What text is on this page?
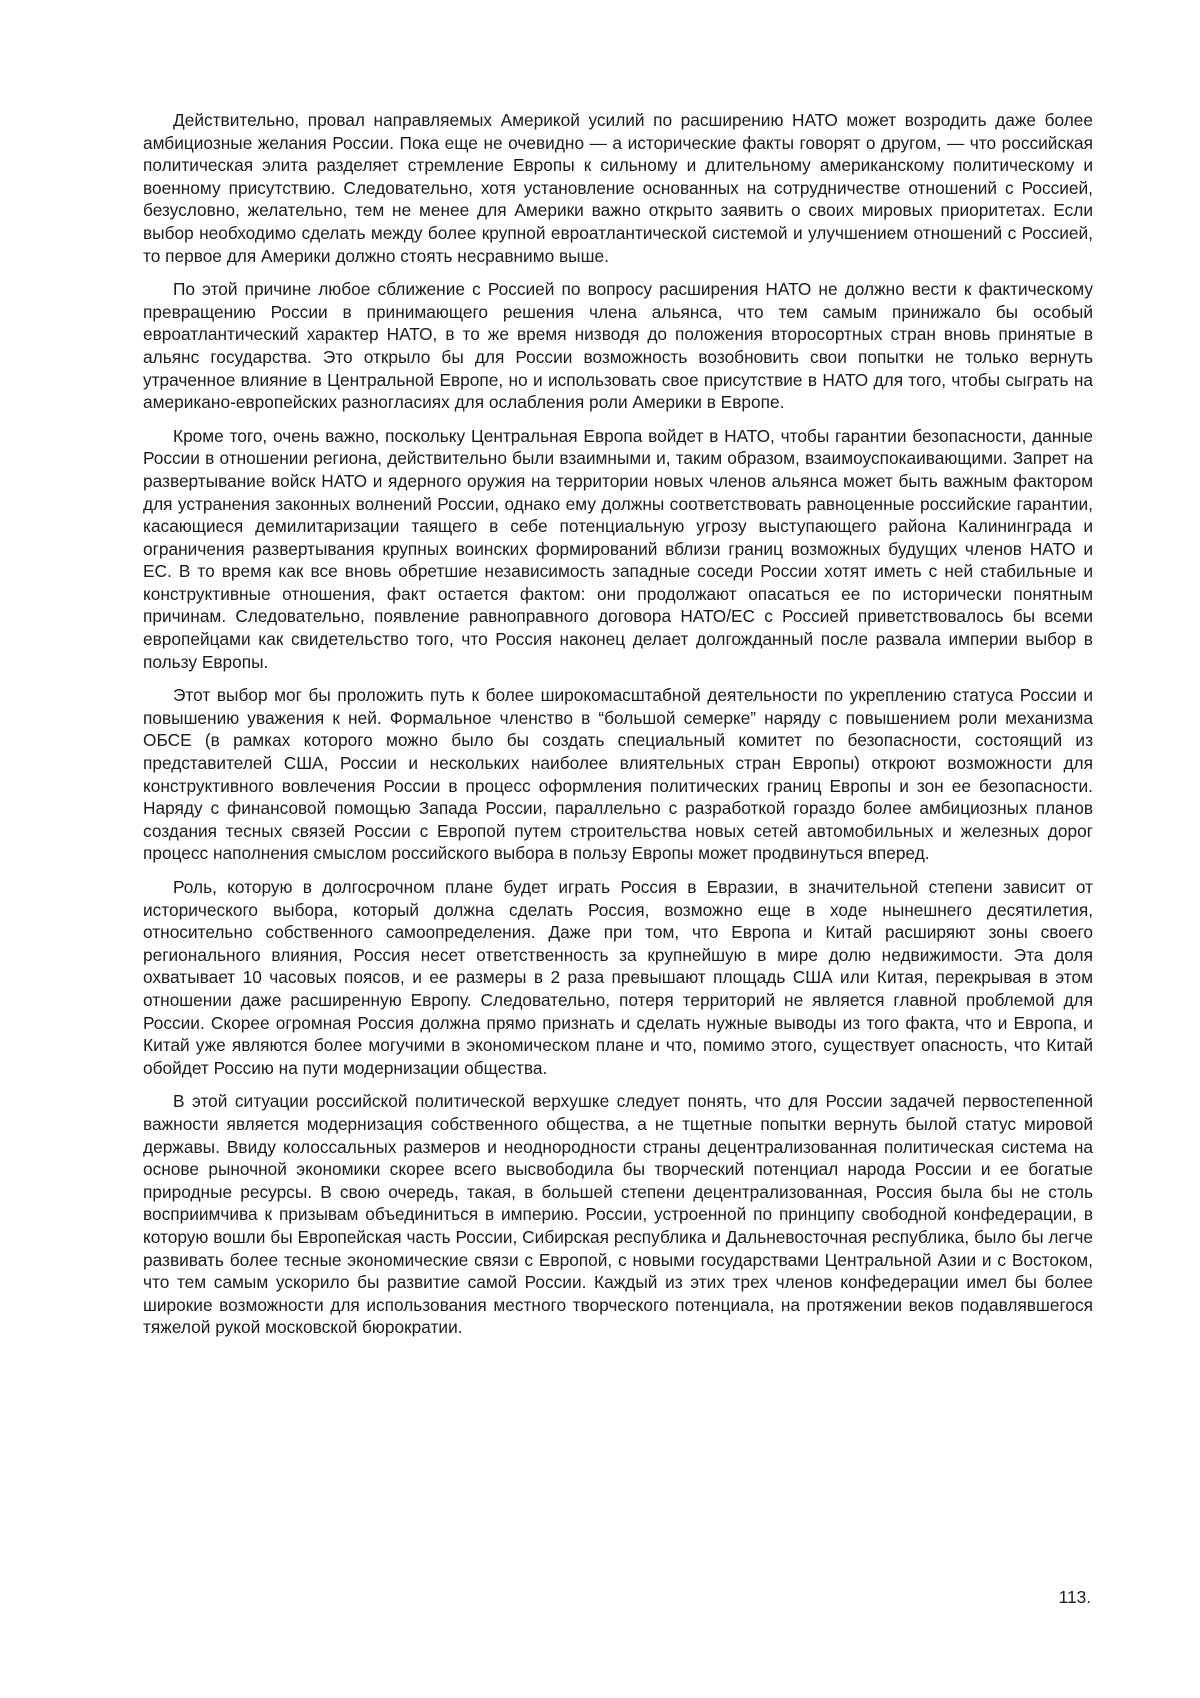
Действительно, провал направляемых Америкой усилий по расширению НАТО может возродить даже более амбициозные желания России. Пока еще не очевидно — а исторические факты говорят о другом, — что российская политическая элита разделяет стремление Европы к сильному и длительному американскому политическому и военному присутствию. Следовательно, хотя установление основанных на сотрудничестве отношений с Россией, безусловно, желательно, тем не менее для Америки важно открыто заявить о своих мировых приоритетах. Если выбор необходимо сделать между более крупной евроатлантической системой и улучшением отношений с Россией, то первое для Америки должно стоять несравнимо выше.

По этой причине любое сближение с Россией по вопросу расширения НАТО не должно вести к фактическому превращению России в принимающего решения члена альянса, что тем самым принижало бы особый евроатлантический характер НАТО, в то же время низводя до положения второсортных стран вновь принятые в альянс государства. Это открыло бы для России возможность возобновить свои попытки не только вернуть утраченное влияние в Центральной Европе, но и использовать свое присутствие в НАТО для того, чтобы сыграть на американо-европейских разногласиях для ослабления роли Америки в Европе.

Кроме того, очень важно, поскольку Центральная Европа войдет в НАТО, чтобы гарантии безопасности, данные России в отношении региона, действительно были взаимными и, таким образом, взаимоуспокаивающими. Запрет на развертывание войск НАТО и ядерного оружия на территории новых членов альянса может быть важным фактором для устранения законных волнений России, однако ему должны соответствовать равноценные российские гарантии, касающиеся демилитаризации таящего в себе потенциальную угрозу выступающего района Калининграда и ограничения развертывания крупных воинских формирований вблизи границ возможных будущих членов НАТО и ЕС. В то время как все вновь обретшие независимость западные соседи России хотят иметь с ней стабильные и конструктивные отношения, факт остается фактом: они продолжают опасаться ее по исторически понятным причинам. Следовательно, появление равноправного договора НАТО/ЕС с Россией приветствовалось бы всеми европейцами как свидетельство того, что Россия наконец делает долгожданный после развала империи выбор в пользу Европы.

Этот выбор мог бы проложить путь к более широкомасштабной деятельности по укреплению статуса России и повышению уважения к ней. Формальное членство в “большой семерке” наряду с повышением роли механизма ОБСЕ (в рамках которого можно было бы создать специальный комитет по безопасности, состоящий из представителей США, России и нескольких наиболее влиятельных стран Европы) откроют возможности для конструктивного вовлечения России в процесс оформления политических границ Европы и зон ее безопасности. Наряду с финансовой помощью Запада России, параллельно с разработкой гораздо более амбициозных планов создания тесных связей России с Европой путем строительства новых сетей автомобильных и железных дорог процесс наполнения смыслом российского выбора в пользу Европы может продвинуться вперед.

Роль, которую в долгосрочном плане будет играть Россия в Евразии, в значительной степени зависит от исторического выбора, который должна сделать Россия, возможно еще в ходе нынешнего десятилетия, относительно собственного самоопределения. Даже при том, что Европа и Китай расширяют зоны своего регионального влияния, Россия несет ответственность за крупнейшую в мире долю недвижимости. Эта доля охватывает 10 часовых поясов, и ее размеры в 2 раза превышают площадь США или Китая, перекрывая в этом отношении даже расширенную Европу. Следовательно, потеря территорий не является главной проблемой для России. Скорее огромная Россия должна прямо признать и сделать нужные выводы из того факта, что и Европа, и Китай уже являются более могучими в экономическом плане и что, помимо этого, существует опасность, что Китай обойдет Россию на пути модернизации общества.

В этой ситуации российской политической верхушке следует понять, что для России задачей первостепенной важности является модернизация собственного общества, а не тщетные попытки вернуть былой статус мировой державы. Ввиду колоссальных размеров и неоднородности страны децентрализованная политическая система на основе рыночной экономики скорее всего высвободила бы творческий потенциал народа России и ее богатые природные ресурсы. В свою очередь, такая, в большей степени децентрализованная, Россия была бы не столь восприимчива к призывам объединиться в империю. России, устроенной по принципу свободной конфедерации, в которую вошли бы Европейская часть России, Сибирская республика и Дальневосточная республика, было бы легче развивать более тесные экономические связи с Европой, с новыми государствами Центральной Азии и с Востоком, что тем самым ускорило бы развитие самой России. Каждый из этих трех членов конфедерации имел бы более широкие возможности для использования местного творческого потенциала, на протяжении веков подавлявшегося тяжелой рукой московской бюрократии.

113.
